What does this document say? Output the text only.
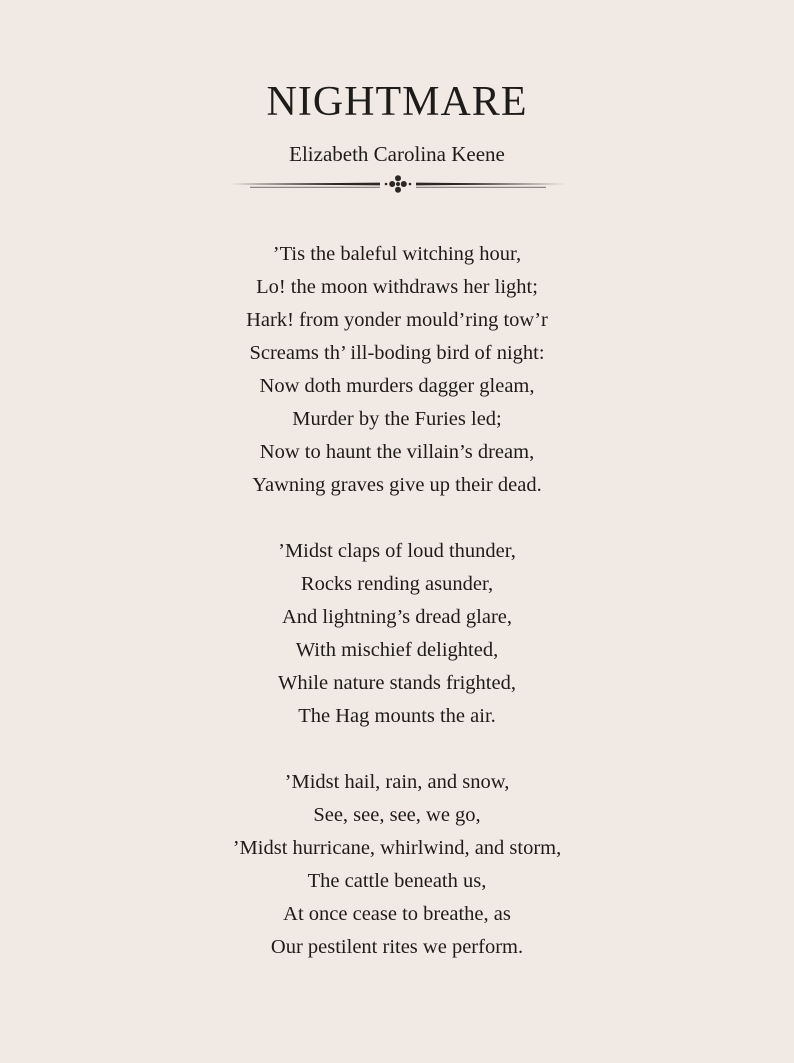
NIGHTMARE
Elizabeth Carolina Keene
’Tis the baleful witching hour,
Lo! the moon withdraws her light;
Hark! from yonder mould’ring tow’r
Screams th’ ill-boding bird of night:
Now doth murders dagger gleam,
Murder by the Furies led;
Now to haunt the villain’s dream,
Yawning graves give up their dead.
’Midst claps of loud thunder,
Rocks rending asunder,
And lightning’s dread glare,
With mischief delighted,
While nature stands frighted,
The Hag mounts the air.
’Midst hail, rain, and snow,
See, see, see, we go,
’Midst hurricane, whirlwind, and storm,
The cattle beneath us,
At once cease to breathe, as
Our pestilent rites we perform.
